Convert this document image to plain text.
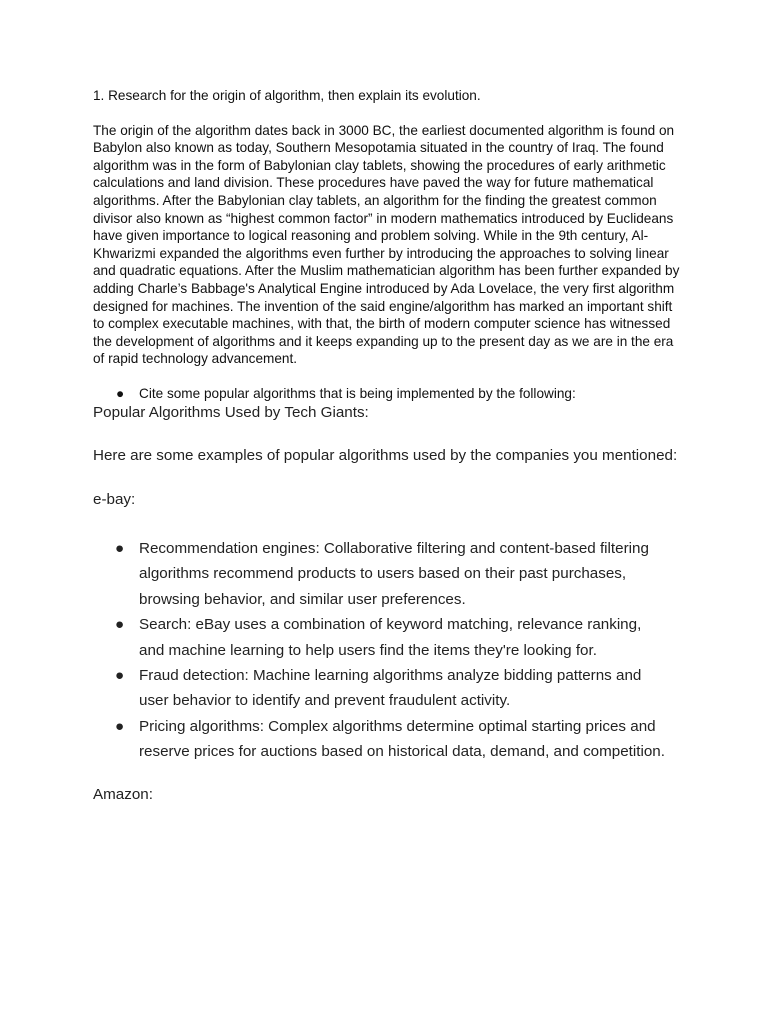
1. Research for the origin of algorithm, then explain its evolution.

The origin of the algorithm dates back in 3000 BC, the earliest documented algorithm is found on Babylon also known as today, Southern Mesopotamia situated in the country of Iraq. The found algorithm was in the form of Babylonian clay tablets, showing the procedures of early arithmetic calculations and land division. These procedures have paved the way for future mathematical algorithms. After the Babylonian clay tablets, an algorithm for the finding the greatest common divisor also known as “highest common factor” in modern mathematics introduced by Euclideans have given importance to logical reasoning and problem solving. While in the 9th century, Al-Khwarizmi expanded the algorithms even further by introducing the approaches to solving linear and quadratic equations. After the Muslim mathematician algorithm has been further expanded by adding Charle’s Babbage's Analytical Engine introduced by Ada Lovelace, the very first algorithm designed for machines. The invention of the said engine/algorithm has marked an important shift to complex executable machines, with that, the birth of modern computer science has witnessed the development of algorithms and it keeps expanding up to the present day as we are in the era of rapid technology advancement.

● Cite some popular algorithms that is being implemented by the following:

Popular Algorithms Used by Tech Giants:

Here are some examples of popular algorithms used by the companies you mentioned:

e-bay:

● Recommendation engines: Collaborative filtering and content-based filtering algorithms recommend products to users based on their past purchases, browsing behavior, and similar user preferences.
● Search: eBay uses a combination of keyword matching, relevance ranking, and machine learning to help users find the items they're looking for.
● Fraud detection: Machine learning algorithms analyze bidding patterns and user behavior to identify and prevent fraudulent activity.
● Pricing algorithms: Complex algorithms determine optimal starting prices and reserve prices for auctions based on historical data, demand, and competition.

Amazon:
